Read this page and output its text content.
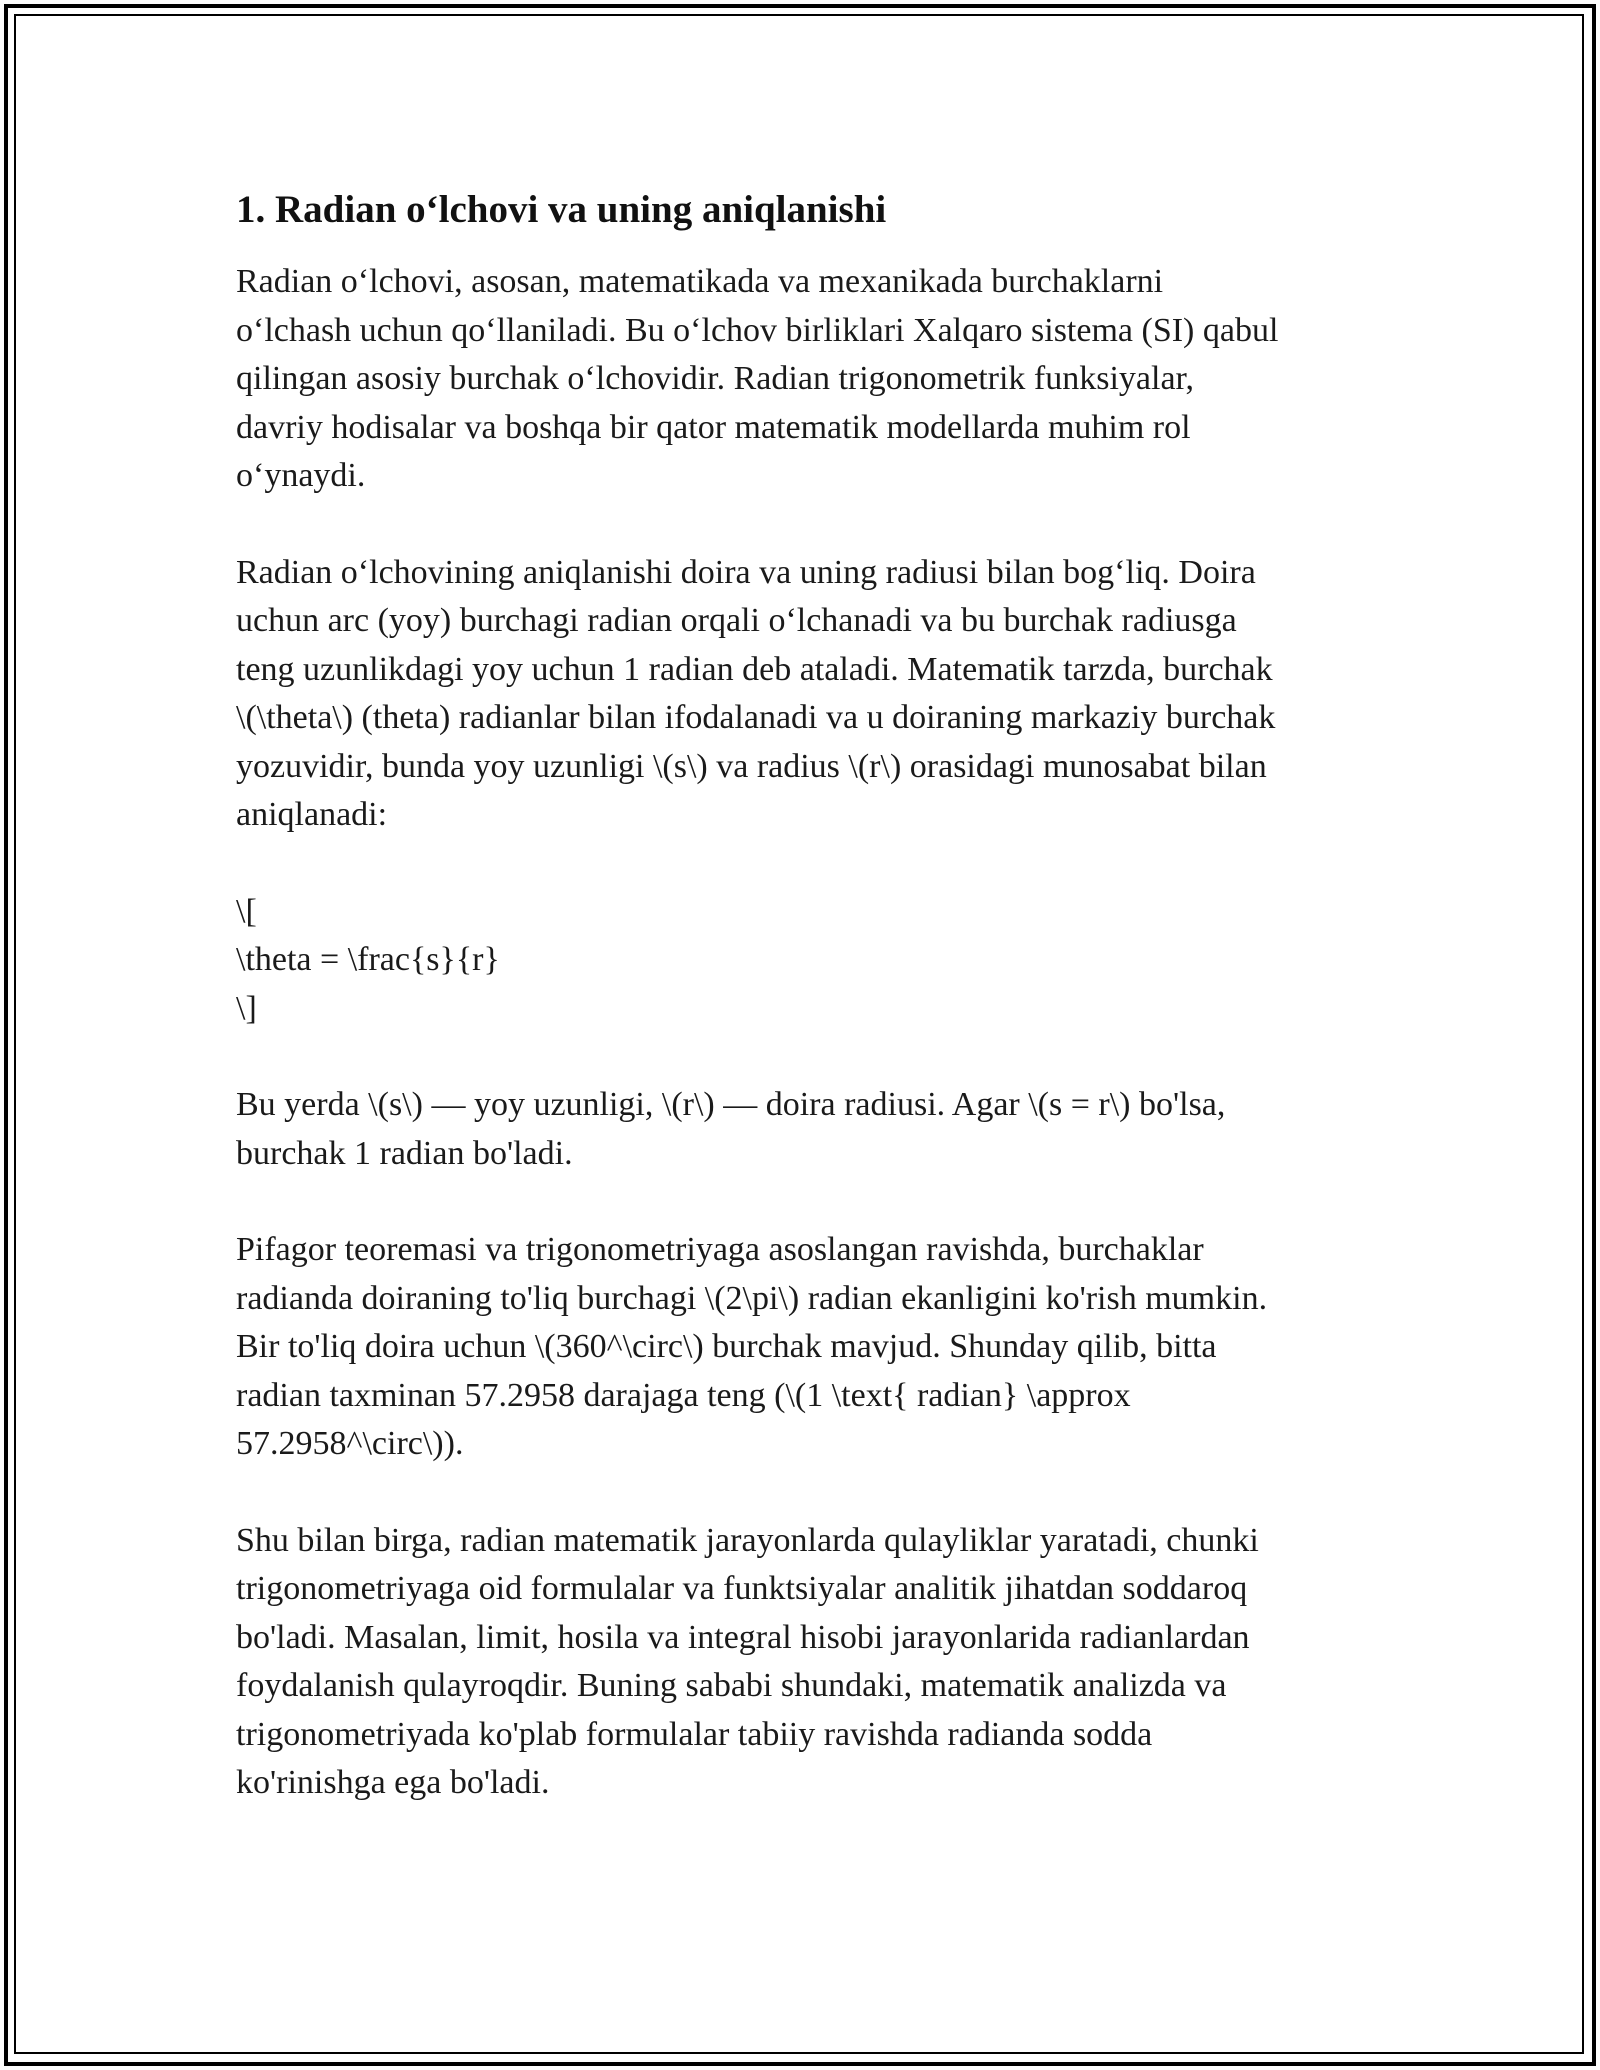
1. Radian o‘lchovi va uning aniqlanishi

Radian o‘lchovi, asosan, matematikada va mexanikada burchaklarni
o‘lchash uchun qo‘llaniladi. Bu o‘lchov birliklari Xalqaro sistema (SI) qabul
qilingan asosiy burchak o‘lchovidir. Radian trigonometrik funksiyalar,
davriy hodisalar va boshqa bir qator matematik modellarda muhim rol
o‘ynaydi.

Radian o‘lchovining aniqlanishi doira va uning radiusi bilan bog‘liq. Doira
uchun arc (yoy) burchagi radian orqali o‘lchanadi va bu burchak radiusga
teng uzunlikdagi yoy uchun 1 radian deb ataladi. Matematik tarzda, burchak
\(\theta\) (theta) radianlar bilan ifodalanadi va u doiraning markaziy burchak
yozuvidir, bunda yoy uzunligi \(s\) va radius \(r\) orasidagi munosabat bilan
aniqlanadi:

\[
\theta = \frac{s}{r}
\]

Bu yerda \(s\) — yoy uzunligi, \(r\) — doira radiusi. Agar \(s = r\) bo'lsa,
burchak 1 radian bo'ladi.

Pifagor teoremasi va trigonometriyaga asoslangan ravishda, burchaklar
radianda doiraning to'liq burchagi \(2\pi\) radian ekanligini ko'rish mumkin.
Bir to'liq doira uchun \(360^\circ\) burchak mavjud. Shunday qilib, bitta
radian taxminan 57.2958 darajaga teng (\(1 \text{ radian} \approx
57.2958^\circ\)).

Shu bilan birga, radian matematik jarayonlarda qulayliklar yaratadi, chunki
trigonometriyaga oid formulalar va funktsiyalar analitik jihatdan soddaroq
bo'ladi. Masalan, limit, hosila va integral hisobi jarayonlarida radianlardan
foydalanish qulayroqdir. Buning sababi shundaki, matematik analizda va
trigonometriyada ko'plab formulalar tabiiy ravishda radianda sodda
ko'rinishga ega bo'ladi.
